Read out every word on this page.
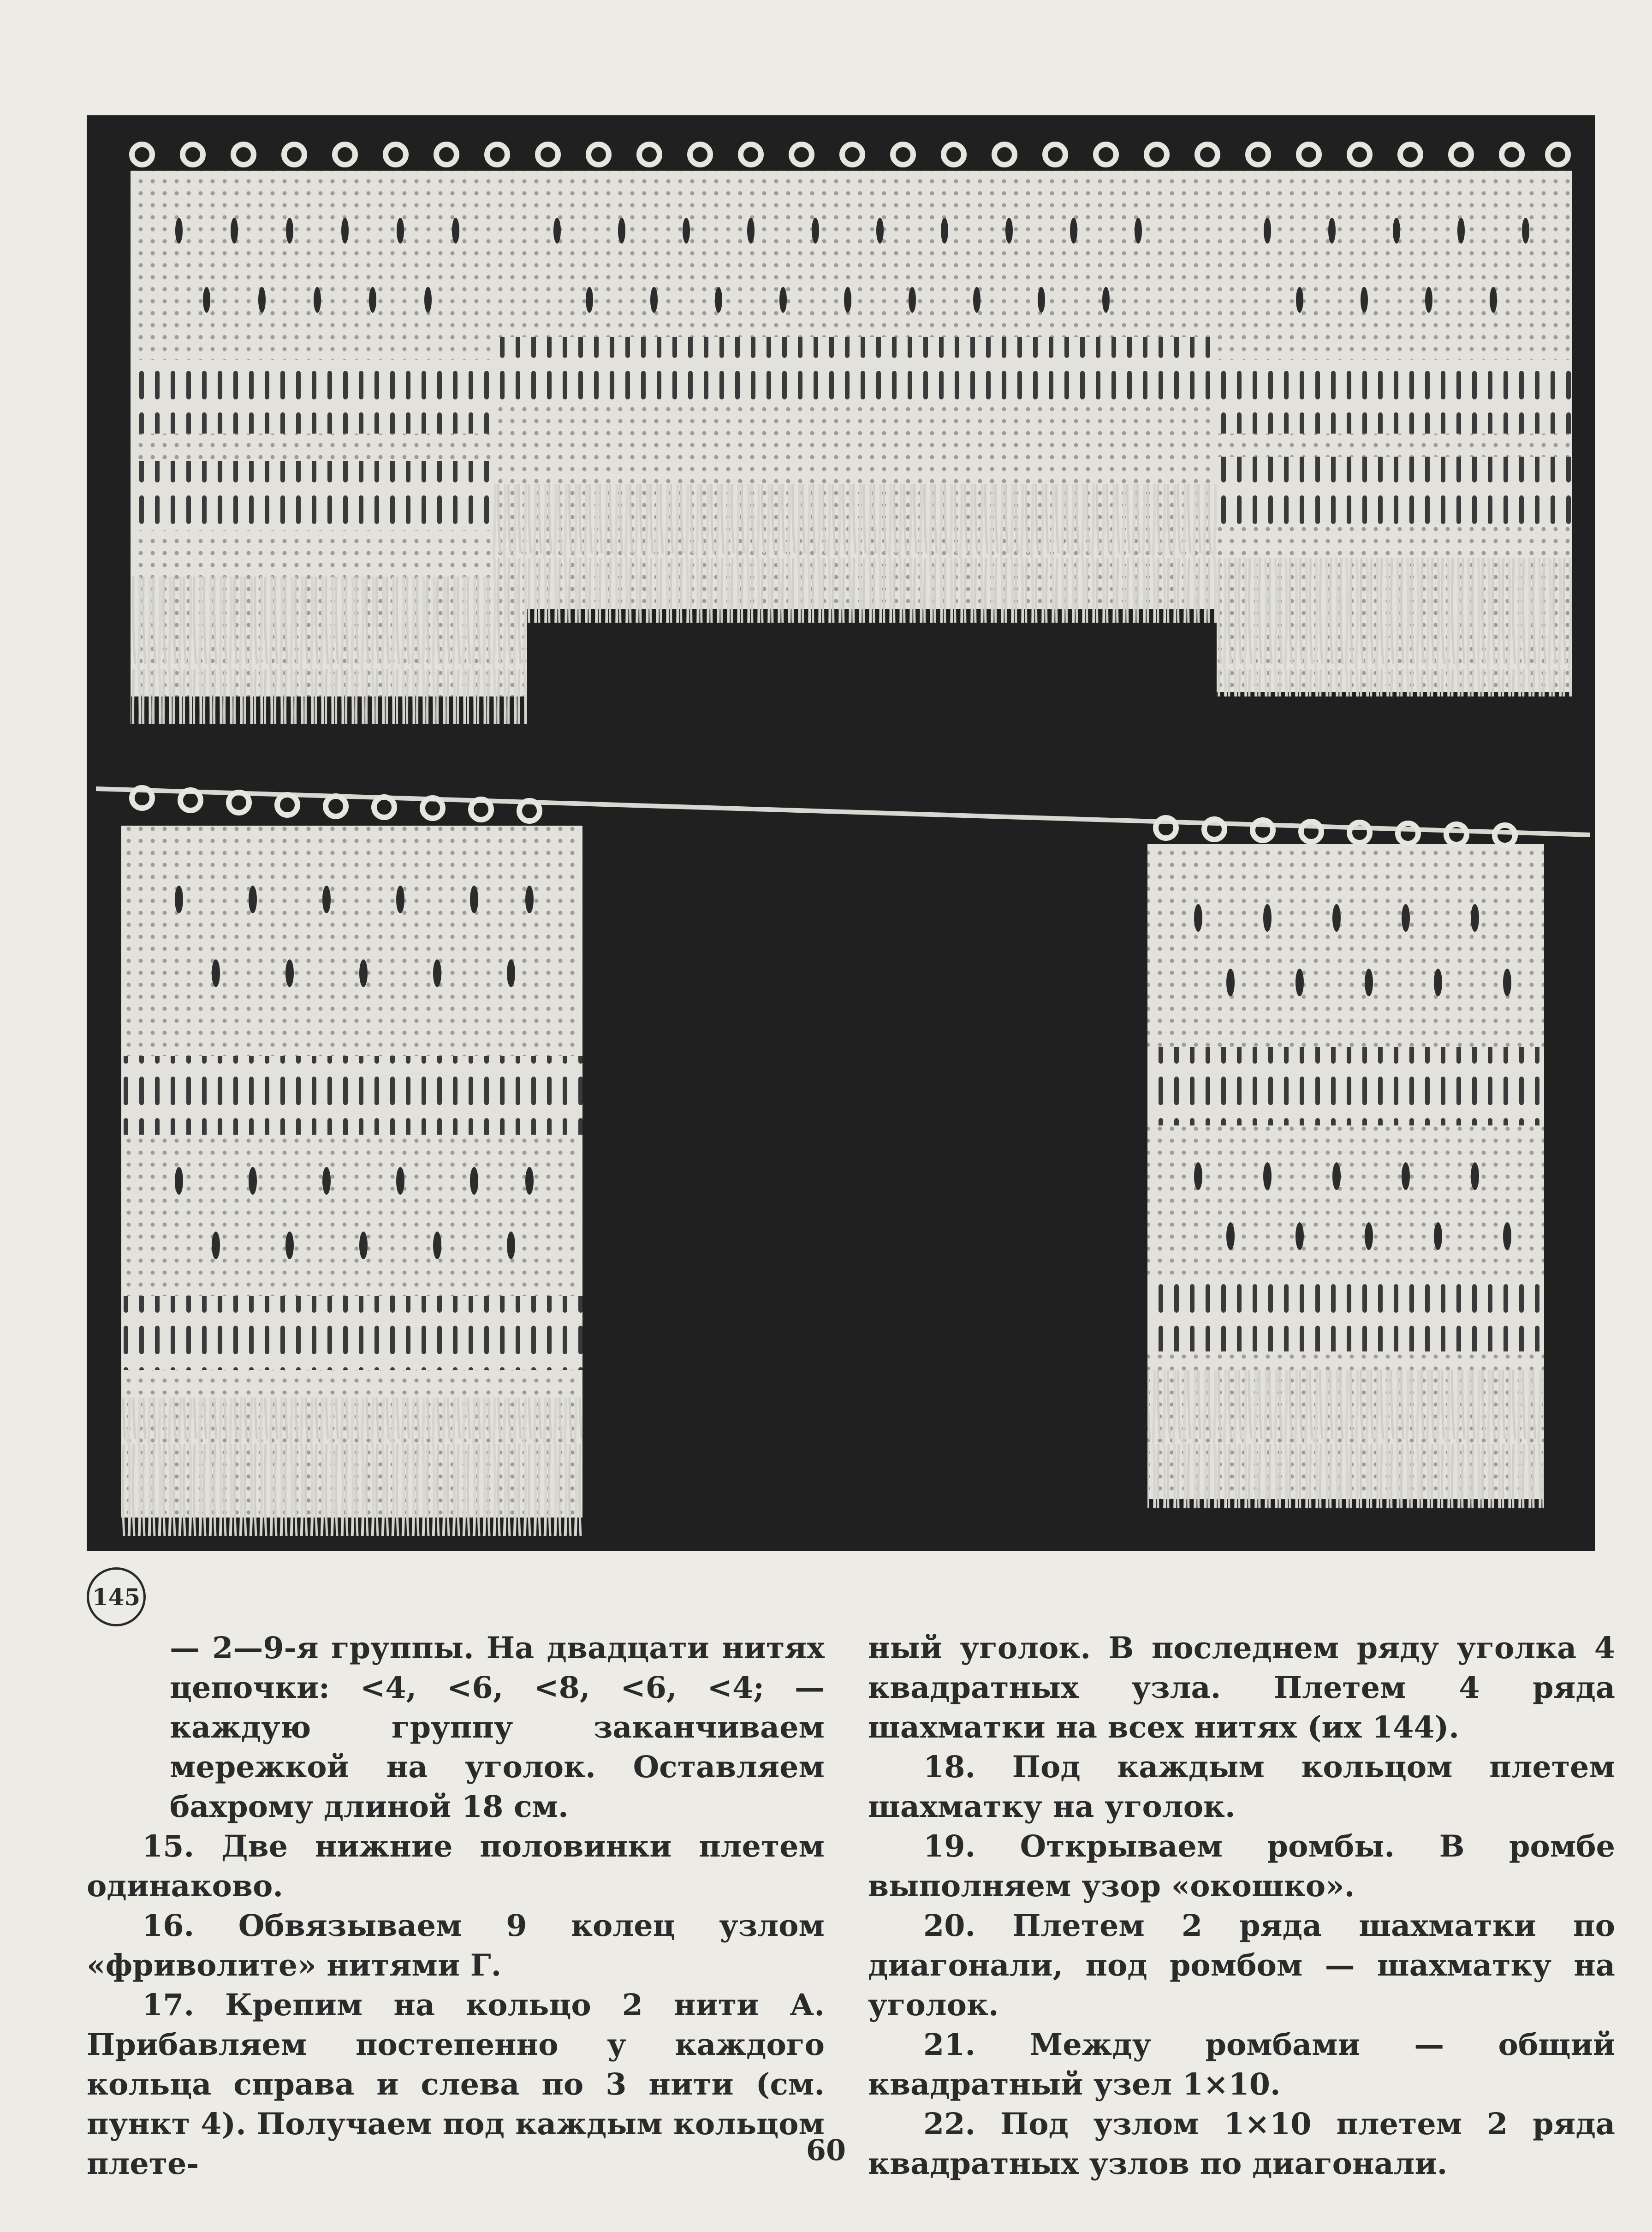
145

— 2—9-я группы. На двадцати нитях цепочки: <4, <6, <8, <6, <4; — каждую группу заканчиваем мережкой на уголок. Оставляем бахрому длиной 18 см.

15. Две нижние половинки плетем одинаково.

16. Обвязываем 9 колец узлом «фриволите» нитями Г.

17. Крепим на кольцо 2 нити А. Прибавляем постепенно у каждого кольца справа и слева по 3 нити (см. пункт 4). Получаем под каждым кольцом плете-

ный уголок. В последнем ряду уголка 4 квадратных узла. Плетем 4 ряда шахматки на всех нитях (их 144).

18. Под каждым кольцом плетем шахматку на уголок.

19. Открываем ромбы. В ромбе выполняем узор «окошко».

20. Плетем 2 ряда шахматки по диагонали, под ромбом — шахматку на уголок.

21. Между ромбами — общий квадратный узел 1×10.

22. Под узлом 1×10 плетем 2 ряда квадратных узлов по диагонали.

60
